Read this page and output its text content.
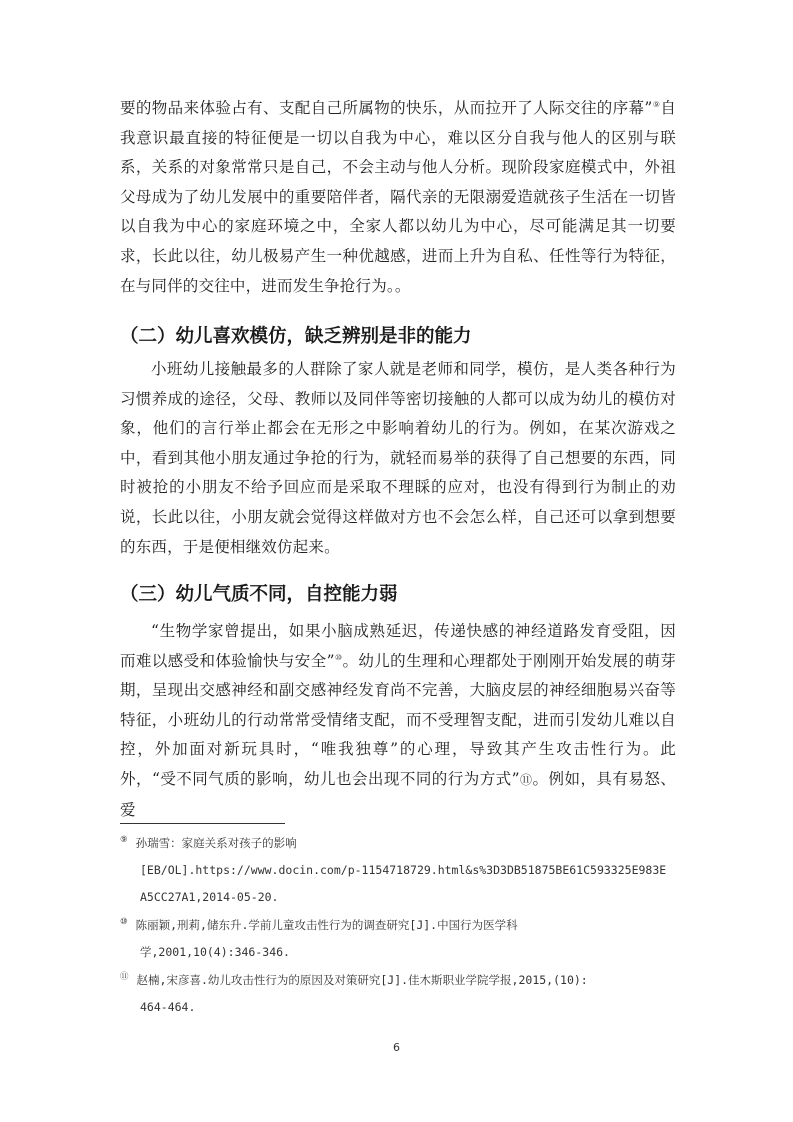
要的物品来体验占有、支配自己所属物的快乐，从而拉开了人际交往的序幕”⑨自我意识最直接的特征便是一切以自我为中心，难以区分自我与他人的区别与联系，关系的对象常常只是自己，不会主动与他人分析。现阶段家庭模式中，外祖父母成为了幼儿发展中的重要陪伴者，隔代亲的无限溺爱造就孩子生活在一切皆以自我为中心的家庭环境之中，全家人都以幼儿为中心，尽可能满足其一切要求，长此以往，幼儿极易产生一种优越感，进而上升为自私、任性等行为特征，在与同伴的交往中，进而发生争抢行为。。

（二）幼儿喜欢模仿，缺乏辨别是非的能力

小班幼儿接触最多的人群除了家人就是老师和同学，模仿，是人类各种行为习惯养成的途径，父母、教师以及同伴等密切接触的人都可以成为幼儿的模仿对象，他们的言行举止都会在无形之中影响着幼儿的行为。例如，在某次游戏之中，看到其他小朋友通过争抢的行为，就轻而易举的获得了自己想要的东西，同时被抢的小朋友不给予回应而是采取不理睬的应对，也没有得到行为制止的劝说，长此以往，小朋友就会觉得这样做对方也不会怎么样，自己还可以拿到想要的东西，于是便相继效仿起来。

（三）幼儿气质不同，自控能力弱

“生物学家曾提出，如果小脑成熟延迟，传递快感的神经道路发育受阻，因而难以感受和体验愉快与安全”⑩。幼儿的生理和心理都处于刚刚开始发展的萌芽期，呈现出交感神经和副交感神经发育尚不完善，大脑皮层的神经细胞易兴奋等特征，小班幼儿的行动常常受情绪支配，而不受理智支配，进而引发幼儿难以自控，外加面对新玩具时，“唯我独尊”的心理，导致其产生攻击性行为。此外，“受不同气质的影响，幼儿也会出现不同的行为方式”⑪。例如，具有易怒、爱

⑨ 孙瑞雪：家庭关系对孩子的影响
[EB/OL].https://www.docin.com/p-1154718729.html&s%3D3DB51875BE61C593325E983E
A5CC27A1,2014-05-20.
⑩ 陈丽颖,刑莉,储东升.学前儿童攻击性行为的调查研究[J].中国行为医学科
学,2001,10(4):346-346.
⑪ 赵楠,宋彦喜.幼儿攻击性行为的原因及对策研究[J].佳木斯职业学院学报,2015,(10):
464-464.
6
